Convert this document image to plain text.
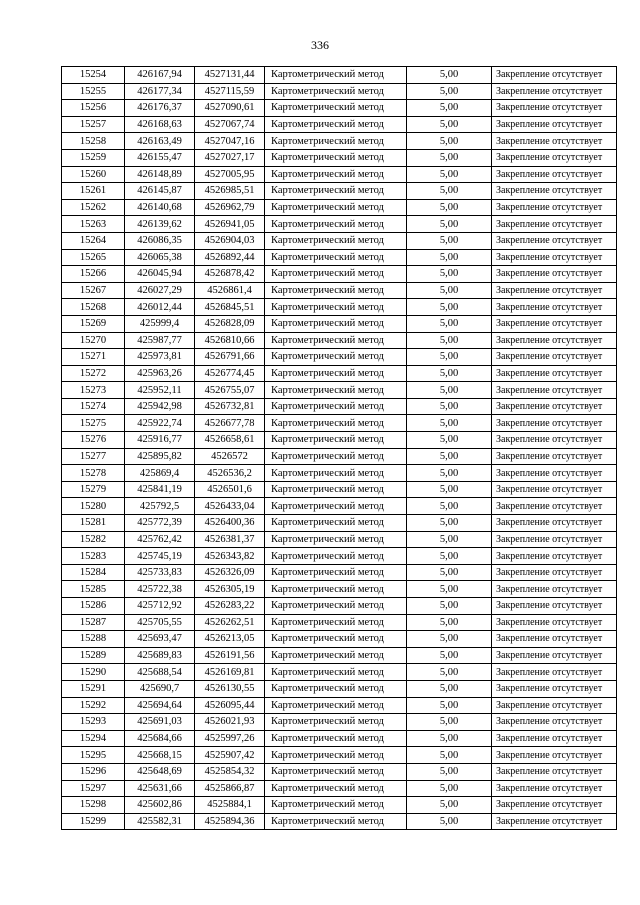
336
15254	426167,94	4527131,44	Картометрический метод	5,00	Закрепление отсутствует
15255	426177,34	4527115,59	Картометрический метод	5,00	Закрепление отсутствует
15256	426176,37	4527090,61	Картометрический метод	5,00	Закрепление отсутствует
15257	426168,63	4527067,74	Картометрический метод	5,00	Закрепление отсутствует
15258	426163,49	4527047,16	Картометрический метод	5,00	Закрепление отсутствует
15259	426155,47	4527027,17	Картометрический метод	5,00	Закрепление отсутствует
15260	426148,89	4527005,95	Картометрический метод	5,00	Закрепление отсутствует
15261	426145,87	4526985,51	Картометрический метод	5,00	Закрепление отсутствует
15262	426140,68	4526962,79	Картометрический метод	5,00	Закрепление отсутствует
15263	426139,62	4526941,05	Картометрический метод	5,00	Закрепление отсутствует
15264	426086,35	4526904,03	Картометрический метод	5,00	Закрепление отсутствует
15265	426065,38	4526892,44	Картометрический метод	5,00	Закрепление отсутствует
15266	426045,94	4526878,42	Картометрический метод	5,00	Закрепление отсутствует
15267	426027,29	4526861,4	Картометрический метод	5,00	Закрепление отсутствует
15268	426012,44	4526845,51	Картометрический метод	5,00	Закрепление отсутствует
15269	425999,4	4526828,09	Картометрический метод	5,00	Закрепление отсутствует
15270	425987,77	4526810,66	Картометрический метод	5,00	Закрепление отсутствует
15271	425973,81	4526791,66	Картометрический метод	5,00	Закрепление отсутствует
15272	425963,26	4526774,45	Картометрический метод	5,00	Закрепление отсутствует
15273	425952,11	4526755,07	Картометрический метод	5,00	Закрепление отсутствует
15274	425942,98	4526732,81	Картометрический метод	5,00	Закрепление отсутствует
15275	425922,74	4526677,78	Картометрический метод	5,00	Закрепление отсутствует
15276	425916,77	4526658,61	Картометрический метод	5,00	Закрепление отсутствует
15277	425895,82	4526572	Картометрический метод	5,00	Закрепление отсутствует
15278	425869,4	4526536,2	Картометрический метод	5,00	Закрепление отсутствует
15279	425841,19	4526501,6	Картометрический метод	5,00	Закрепление отсутствует
15280	425792,5	4526433,04	Картометрический метод	5,00	Закрепление отсутствует
15281	425772,39	4526400,36	Картометрический метод	5,00	Закрепление отсутствует
15282	425762,42	4526381,37	Картометрический метод	5,00	Закрепление отсутствует
15283	425745,19	4526343,82	Картометрический метод	5,00	Закрепление отсутствует
15284	425733,83	4526326,09	Картометрический метод	5,00	Закрепление отсутствует
15285	425722,38	4526305,19	Картометрический метод	5,00	Закрепление отсутствует
15286	425712,92	4526283,22	Картометрический метод	5,00	Закрепление отсутствует
15287	425705,55	4526262,51	Картометрический метод	5,00	Закрепление отсутствует
15288	425693,47	4526213,05	Картометрический метод	5,00	Закрепление отсутствует
15289	425689,83	4526191,56	Картометрический метод	5,00	Закрепление отсутствует
15290	425688,54	4526169,81	Картометрический метод	5,00	Закрепление отсутствует
15291	425690,7	4526130,55	Картометрический метод	5,00	Закрепление отсутствует
15292	425694,64	4526095,44	Картометрический метод	5,00	Закрепление отсутствует
15293	425691,03	4526021,93	Картометрический метод	5,00	Закрепление отсутствует
15294	425684,66	4525997,26	Картометрический метод	5,00	Закрепление отсутствует
15295	425668,15	4525907,42	Картометрический метод	5,00	Закрепление отсутствует
15296	425648,69	4525854,32	Картометрический метод	5,00	Закрепление отсутствует
15297	425631,66	4525866,87	Картометрический метод	5,00	Закрепление отсутствует
15298	425602,86	4525884,1	Картометрический метод	5,00	Закрепление отсутствует
15299	425582,31	4525894,36	Картометрический метод	5,00	Закрепление отсутствует
